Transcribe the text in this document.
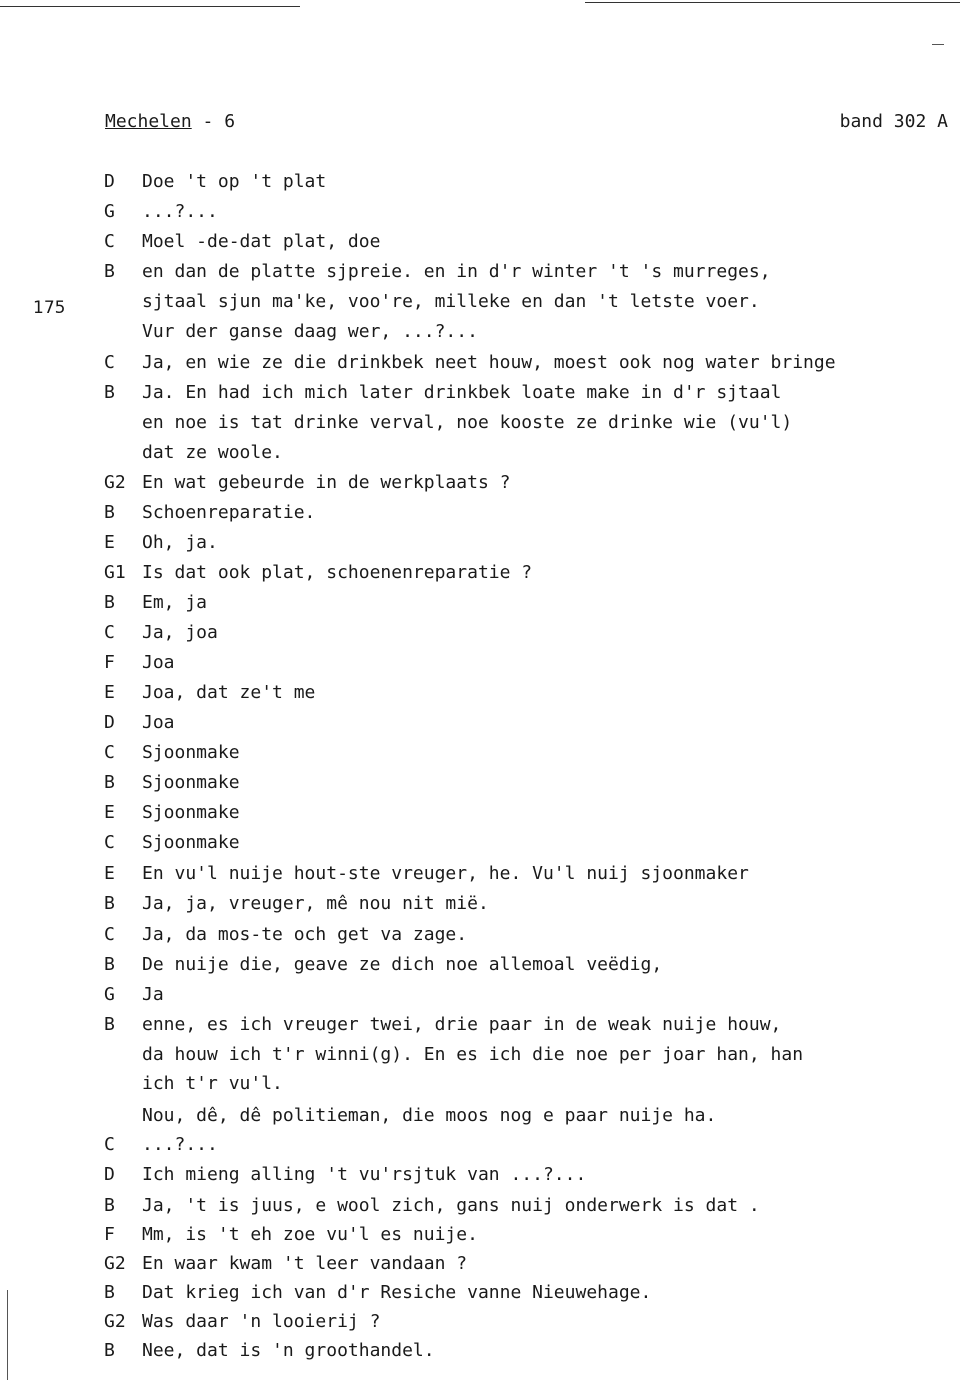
Mechelen - 6	band 302 A
175
D	Doe 't op 't plat
G	...?...
C	Moel -de-dat plat, doe
B	en dan de platte sjpreie. en in d'r winter 't 's murreges,
sjtaal sjun ma'ke, voo're, milleke en dan 't letste voer.
Vur der ganse daag wer, ...?...
C	Ja, en wie ze die drinkbek neet houw, moest ook nog water bringe
B	Ja. En had ich mich later drinkbek loate make in d'r sjtaal
en noe is tat drinke verval, noe kooste ze drinke wie (vu'l)
dat ze woole.
G2 En wat gebeurde in de werkplaats ?
B	Schoenreparatie.
E	Oh, ja.
G1 Is dat ook plat, schoenenreparatie ?
B	Em, ja
C	Ja, joa
F	Joa
E	Joa, dat ze't me
D	Joa
C	Sjoonmake
B	Sjoonmake
E	Sjoonmake
C	Sjoonmake
E	En vu'l nuije hout-ste vreuger, he. Vu'l nuij sjoonmaker
B	Ja, ja, vreuger, mê nou nit mië.
C	Ja, da mos-te och get va zage.
B	De nuije die, geave ze dich noe allemoal veëdig,
G	Ja
B	enne, es ich vreuger twei, drie paar in de weak nuije houw,
da houw ich t'r winni(g). En es ich die noe per joar han, han
ich t'r vu'l.
Nou, dê, dê politieman, die moos nog e paar nuije ha.
C	...?...
D	Ich mieng alling 't vu'rsjtuk van ...?...
B	Ja, 't is juus, e wool zich, gans nuij onderwerk is dat .
F	Mm, is 't eh zoe vu'l es nuije.
G2 En waar kwam 't leer vandaan ?
B	Dat krieg ich van d'r Resiche vanne Nieuwehage.
G2 Was daar 'n looierij ?
B	Nee, dat is 'n groothandel.
